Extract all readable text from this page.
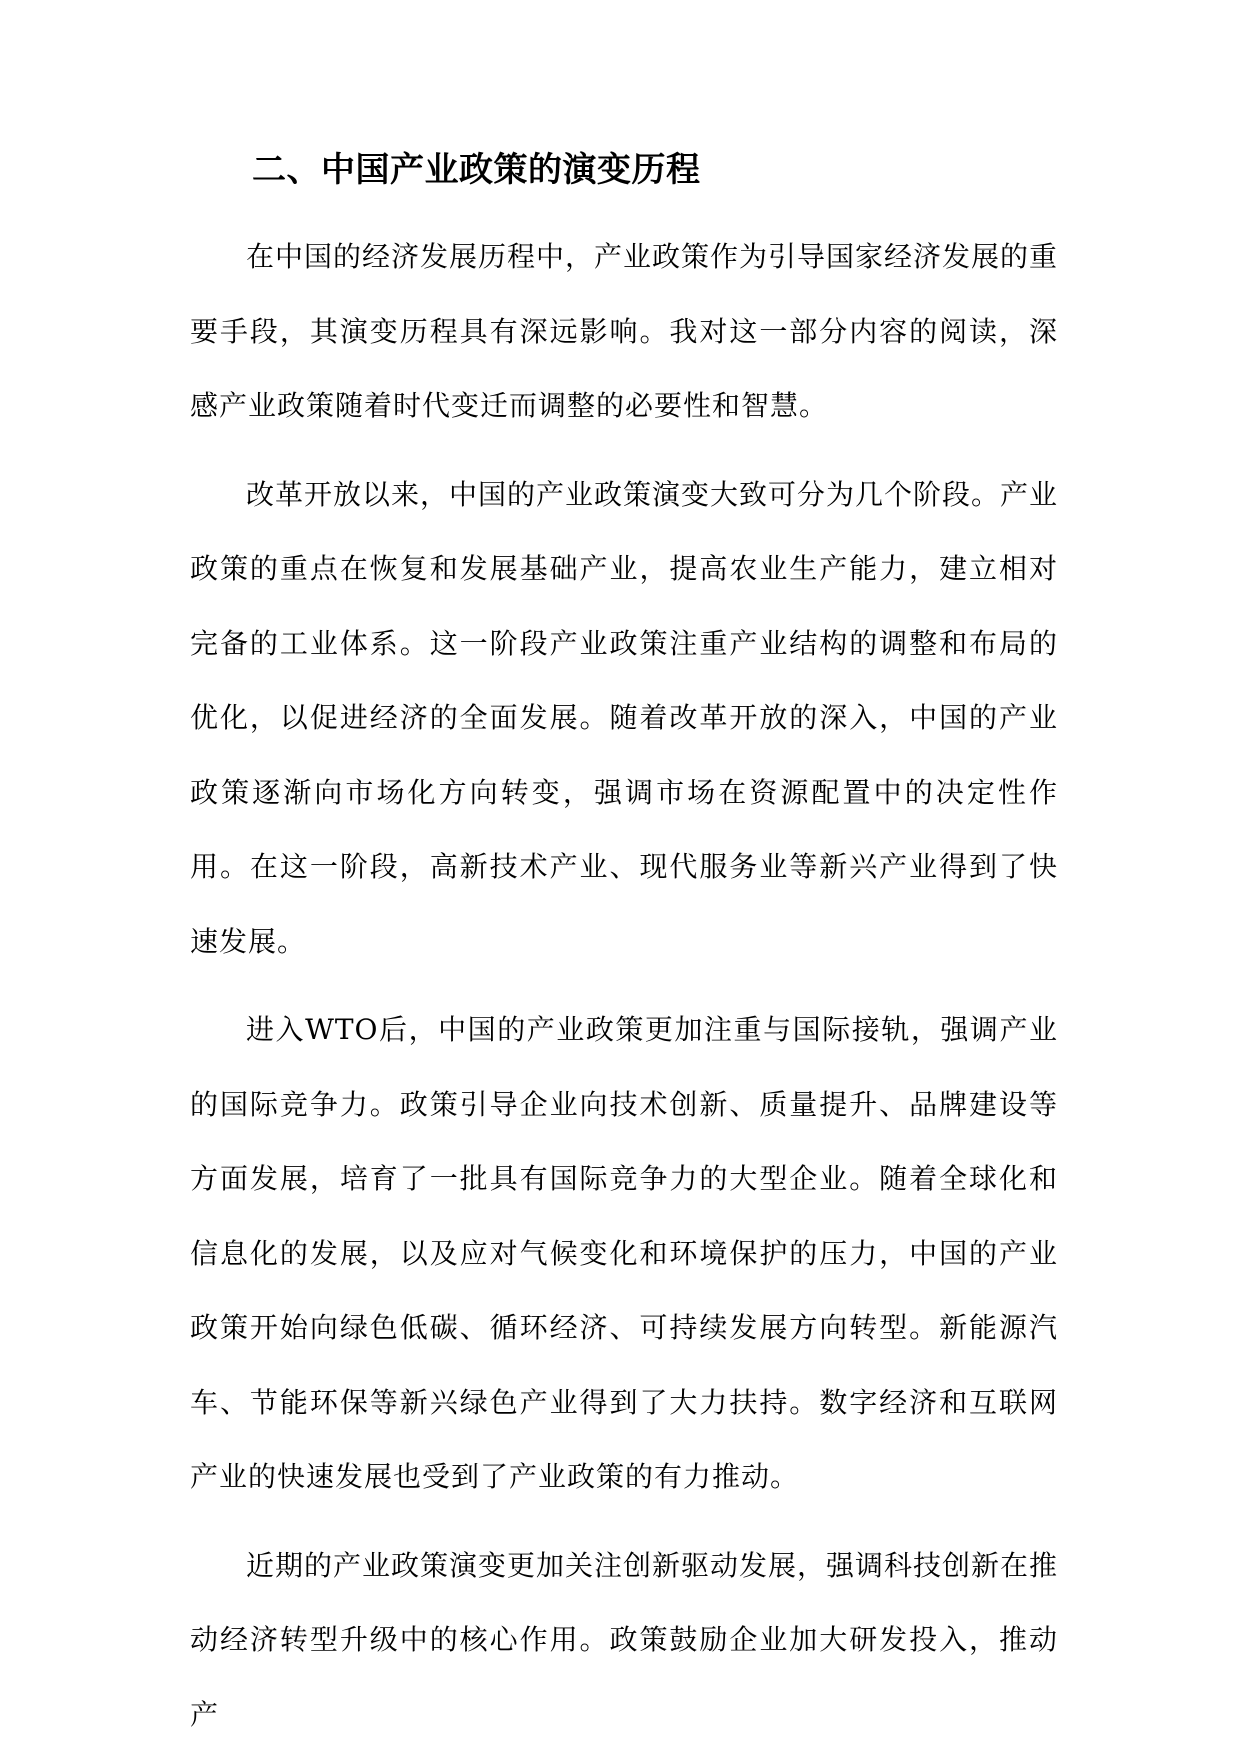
二、中国产业政策的演变历程

在中国的经济发展历程中，产业政策作为引导国家经济发展的重要手段，其演变历程具有深远影响。我对这一部分内容的阅读，深感产业政策随着时代变迁而调整的必要性和智慧。

改革开放以来，中国的产业政策演变大致可分为几个阶段。产业政策的重点在恢复和发展基础产业，提高农业生产能力，建立相对完备的工业体系。这一阶段产业政策注重产业结构的调整和布局的优化，以促进经济的全面发展。随着改革开放的深入，中国的产业政策逐渐向市场化方向转变，强调市场在资源配置中的决定性作用。在这一阶段，高新技术产业、现代服务业等新兴产业得到了快速发展。

进入WTO后，中国的产业政策更加注重与国际接轨，强调产业的国际竞争力。政策引导企业向技术创新、质量提升、品牌建设等方面发展，培育了一批具有国际竞争力的大型企业。随着全球化和信息化的发展，以及应对气候变化和环境保护的压力，中国的产业政策开始向绿色低碳、循环经济、可持续发展方向转型。新能源汽车、节能环保等新兴绿色产业得到了大力扶持。数字经济和互联网产业的快速发展也受到了产业政策的有力推动。

近期的产业政策演变更加关注创新驱动发展，强调科技创新在推动经济转型升级中的核心作用。政策鼓励企业加大研发投入，推动产
